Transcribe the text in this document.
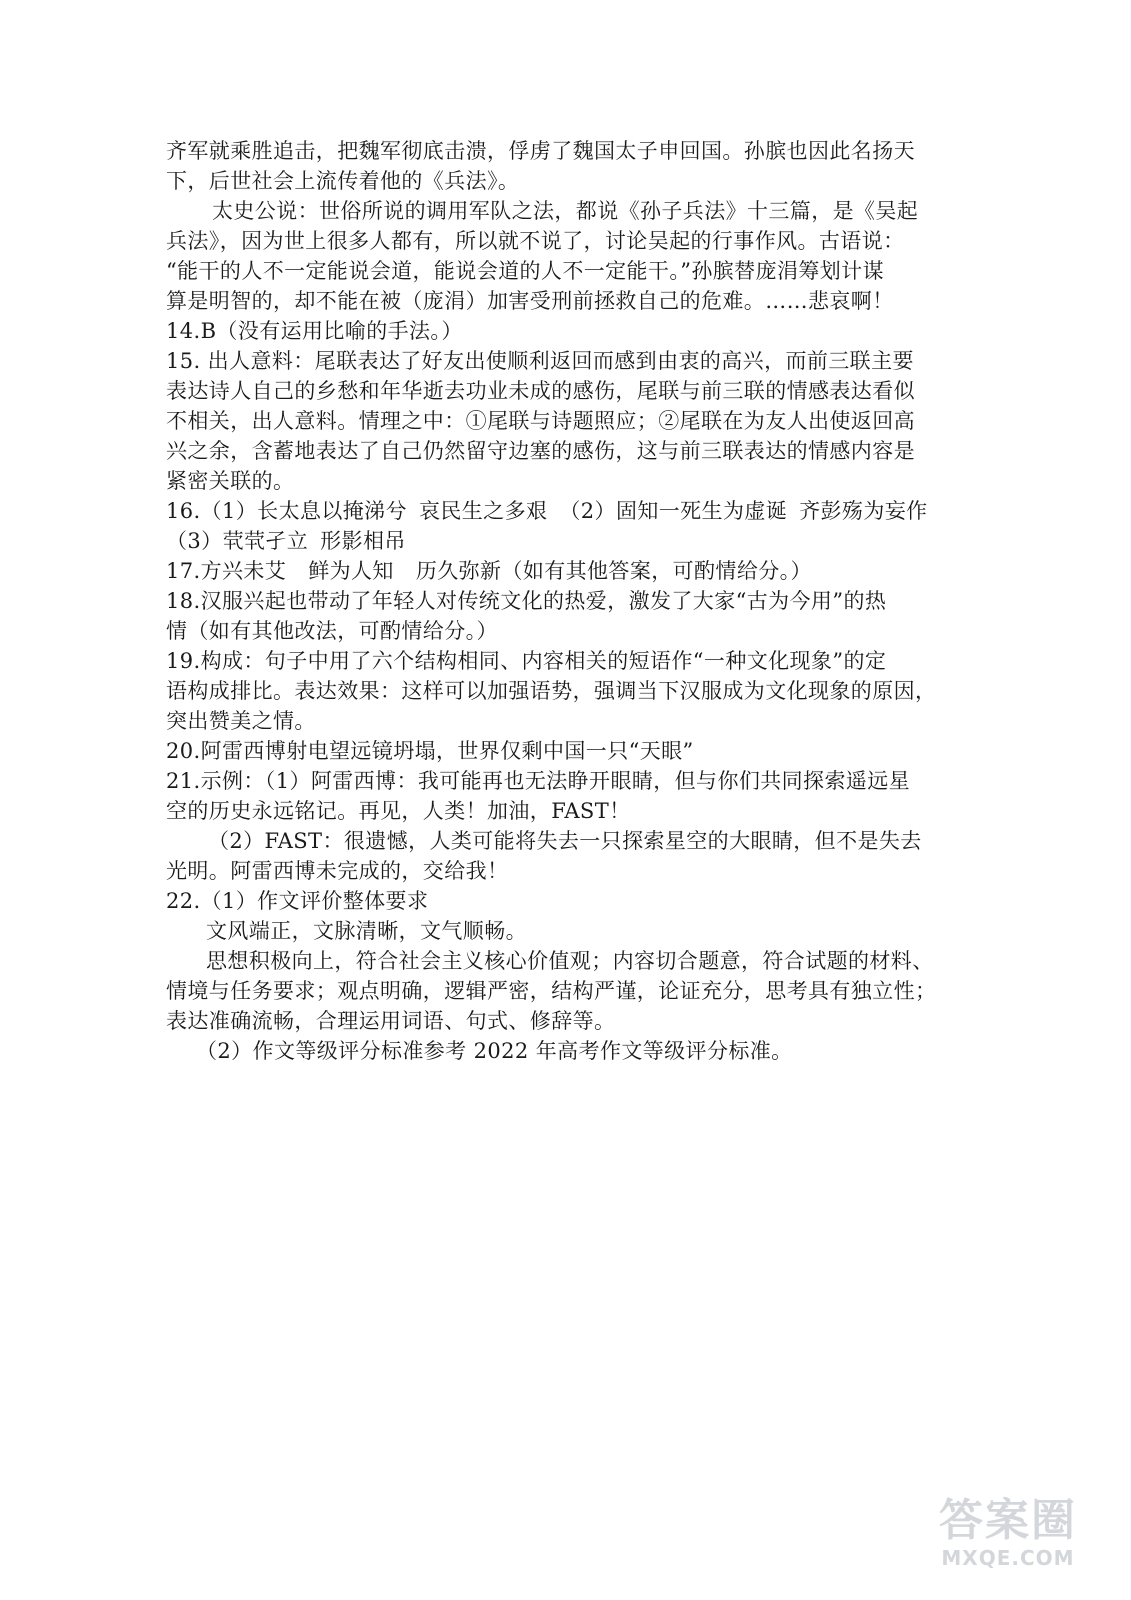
齐军就乘胜追击，把魏军彻底击溃，俘虏了魏国太子申回国。孙膑也因此名扬天
下，后世社会上流传着他的《兵法》。
太史公说：世俗所说的调用军队之法，都说《孙子兵法》十三篇，是《吴起
兵法》，因为世上很多人都有，所以就不说了，讨论吴起的行事作风。古语说：
“能干的人不一定能说会道，能说会道的人不一定能干。”孙膑替庞涓筹划计谋
算是明智的，却不能在被（庞涓）加害受刑前拯救自己的危难。……悲哀啊！
14.B（没有运用比喻的手法。）
15. 出人意料：尾联表达了好友出使顺利返回而感到由衷的高兴，而前三联主要
表达诗人自己的乡愁和年华逝去功业未成的感伤，尾联与前三联的情感表达看似
不相关，出人意料。情理之中：①尾联与诗题照应；②尾联在为友人出使返回高
兴之余，含蓄地表达了自己仍然留守边塞的感伤，这与前三联表达的情感内容是
紧密关联的。
16.（1）长太息以掩涕兮 哀民生之多艰 （2）固知一死生为虚诞 齐彭殇为妄作
（3）茕茕孑立 形影相吊
17.方兴未艾 鲜为人知 历久弥新（如有其他答案，可酌情给分。）
18.汉服兴起也带动了年轻人对传统文化的热爱，激发了大家“古为今用”的热
情（如有其他改法，可酌情给分。）
19.构成：句子中用了六个结构相同、内容相关的短语作“一种文化现象”的定
语构成排比。表达效果：这样可以加强语势，强调当下汉服成为文化现象的原因，
突出赞美之情。
20.阿雷西博射电望远镜坍塌，世界仅剩中国一只“天眼”
21.示例：（1）阿雷西博：我可能再也无法睁开眼睛，但与你们共同探索遥远星
空的历史永远铭记。再见，人类！加油，FAST！
（2）FAST：很遗憾，人类可能将失去一只探索星空的大眼睛，但不是失去
光明。阿雷西博未完成的，交给我！
22.（1）作文评价整体要求
文风端正，文脉清晰，文气顺畅。
思想积极向上，符合社会主义核心价值观；内容切合题意，符合试题的材料、
情境与任务要求；观点明确，逻辑严密，结构严谨，论证充分，思考具有独立性；
表达准确流畅，合理运用词语、句式、修辞等。
（2）作文等级评分标准参考 2022 年高考作文等级评分标准。
答案圈
MXQE.COM
